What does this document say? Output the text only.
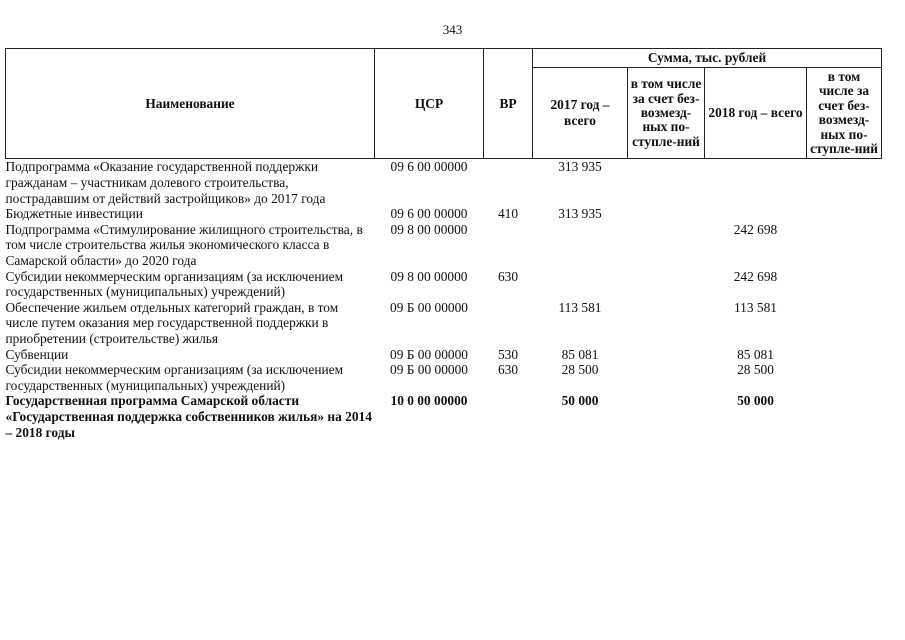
343
Наименование	ЦСР	ВР	Сумма, тыс. рублей			
			2017 год – всего	в том числе за счет без-возмезд-ных по-ступле-ний	2018 год – всего	в том числе за счет без-возмезд-ных по-ступле-ний
Подпрограмма «Оказание государственной поддержки гражданам – участникам долевого строительства, пострадавшим от действий застройщиков» до 2017 года	09 6 00 00000		313 935			
Бюджетные инвестиции	09 6 00 00000	410	313 935			
Подпрограмма «Стимулирование жилищного строительства, в том числе строительства жилья экономического класса в Самарской области» до 2020 года	09 8 00 00000				242 698	
Субсидии некоммерческим организациям (за исключением государственных (муниципальных) учреждений)	09 8 00 00000	630			242 698	
Обеспечение жильем отдельных категорий граждан, в том числе путем оказания мер государственной поддержки в приобретении (строительстве) жилья	09 Б 00 00000		113 581		113 581	
Субвенции	09 Б 00 00000	530	85 081		85 081	
Субсидии некоммерческим организациям (за исключением государственных (муниципальных) учреждений)	09 Б 00 00000	630	28 500		28 500	
Государственная программа Самарской области «Государственная поддержка собственников жилья» на 2014 – 2018 годы	10 0 00 00000		50 000		50 000	
